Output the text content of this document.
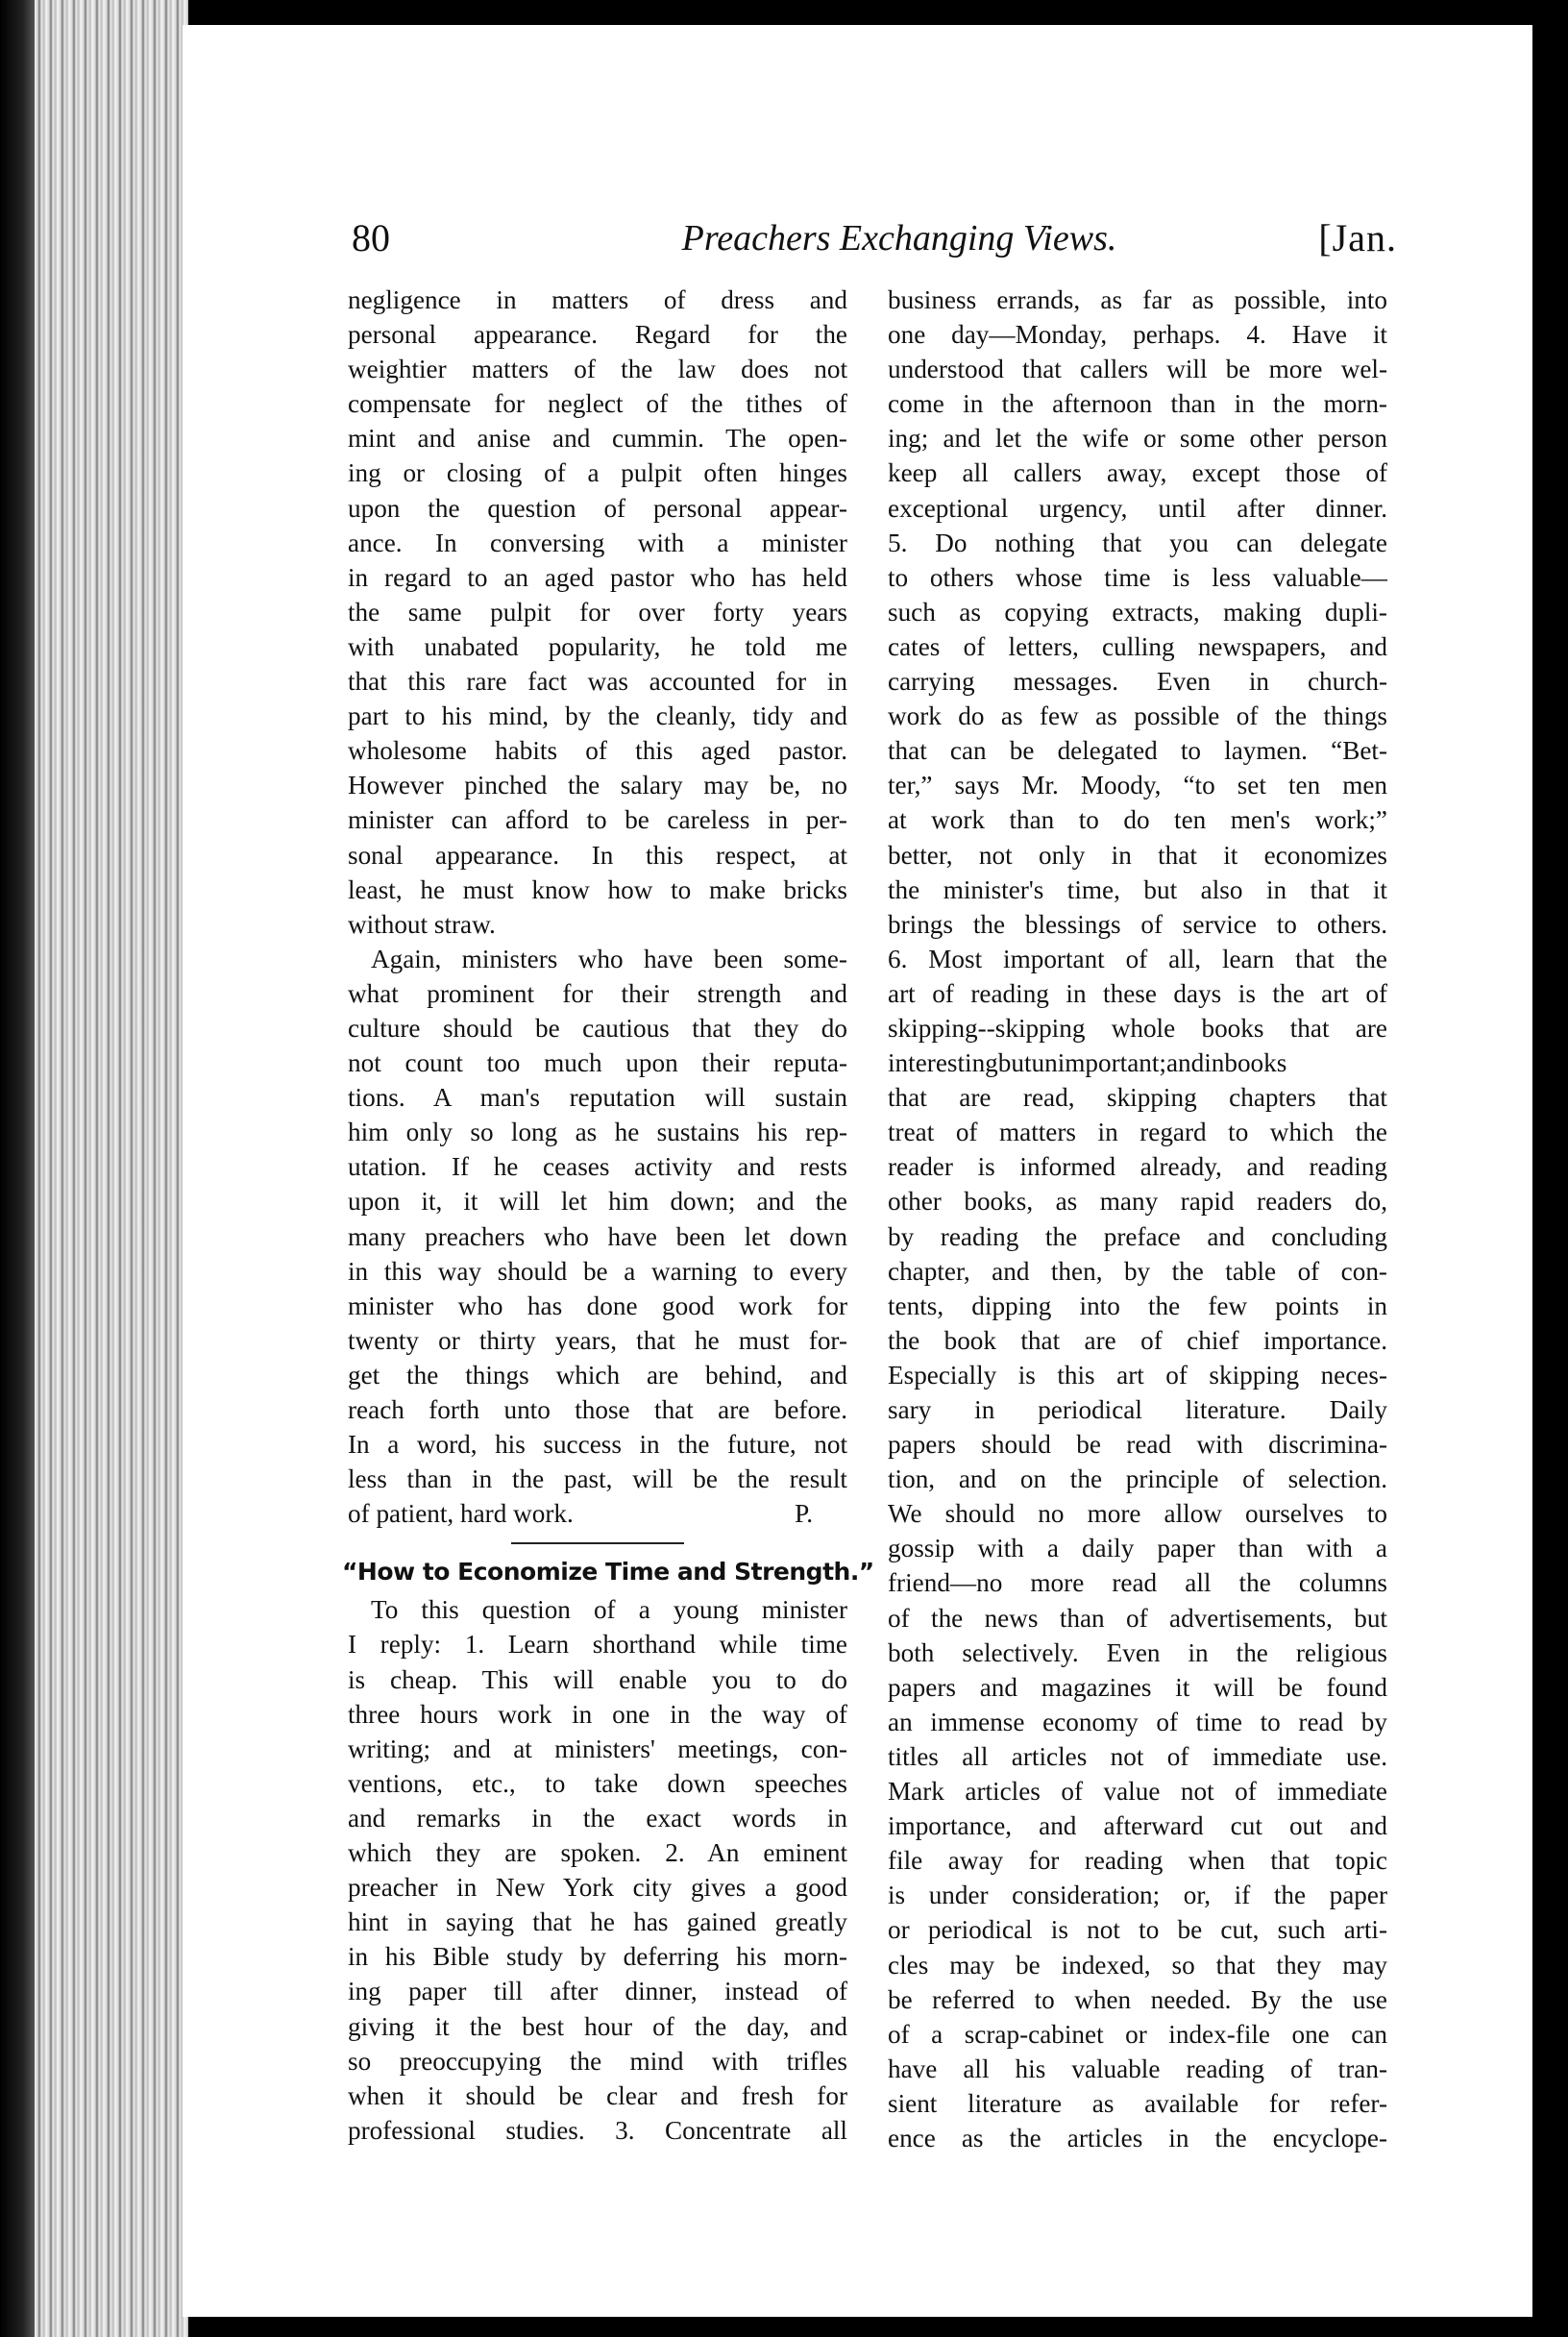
80	Preachers Exchanging Views.	[Jan.
negligence in matters of dress and
personal appearance. Regard for the
weightier matters of the law does not
compensate for neglect of the tithes of
mint and anise and cummin. The open-
ing or closing of a pulpit often hinges
upon the question of personal appear-
ance. In conversing with a minister
in regard to an aged pastor who has held
the same pulpit for over forty years
with unabated popularity, he told me
that this rare fact was accounted for in
part to his mind, by the cleanly, tidy and
wholesome habits of this aged pastor.
However pinched the salary may be, no
minister can afford to be careless in per-
sonal appearance. In this respect, at
least, he must know how to make bricks
without straw.
Again, ministers who have been some-
what prominent for their strength and
culture should be cautious that they do
not count too much upon their reputa-
tions. A man's reputation will sustain
him only so long as he sustains his rep-
utation. If he ceases activity and rests
upon it, it will let him down; and the
many preachers who have been let down
in this way should be a warning to every
minister who has done good work for
twenty or thirty years, that he must for-
get the things which are behind, and
reach forth unto those that are before.
In a word, his success in the future, not
less than in the past, will be the result
of patient, hard work.	P.
“How to Economize Time and Strength.”
To this question of a young minister
I reply: 1. Learn shorthand while time
is cheap. This will enable you to do
three hours work in one in the way of
writing; and at ministers' meetings, con-
ventions, etc., to take down speeches
and remarks in the exact words in
which they are spoken. 2. An eminent
preacher in New York city gives a good
hint in saying that he has gained greatly
in his Bible study by deferring his morn-
ing paper till after dinner, instead of
giving it the best hour of the day, and
so preoccupying the mind with trifles
when it should be clear and fresh for
professional studies. 3. Concentrate all
business errands, as far as possible, into
one day—Monday, perhaps. 4. Have it
understood that callers will be more wel-
come in the afternoon than in the morn-
ing; and let the wife or some other person
keep all callers away, except those of
exceptional urgency, until after dinner.
5. Do nothing that you can delegate
to others whose time is less valuable—
such as copying extracts, making dupli-
cates of letters, culling newspapers, and
carrying messages. Even in church-
work do as few as possible of the things
that can be delegated to laymen. “Bet-
ter,” says Mr. Moody, “to set ten men
at work than to do ten men's work;”
better, not only in that it economizes
the minister's time, but also in that it
brings the blessings of service to others.
6. Most important of all, learn that the
art of reading in these days is the art of
skipping--skipping whole books that are
interestingbutunimportant;andinbooks
that are read, skipping chapters that
treat of matters in regard to which the
reader is informed already, and reading
other books, as many rapid readers do,
by reading the preface and concluding
chapter, and then, by the table of con-
tents, dipping into the few points in
the book that are of chief importance.
Especially is this art of skipping neces-
sary in periodical literature. Daily
papers should be read with discrimina-
tion, and on the principle of selection.
We should no more allow ourselves to
gossip with a daily paper than with a
friend—no more read all the columns
of the news than of advertisements, but
both selectively. Even in the religious
papers and magazines it will be found
an immense economy of time to read by
titles all articles not of immediate use.
Mark articles of value not of immediate
importance, and afterward cut out and
file away for reading when that topic
is under consideration; or, if the paper
or periodical is not to be cut, such arti-
cles may be indexed, so that they may
be referred to when needed. By the use
of a scrap-cabinet or index-file one can
have all his valuable reading of tran-
sient literature as available for refer-
ence as the articles in the encyclope-
